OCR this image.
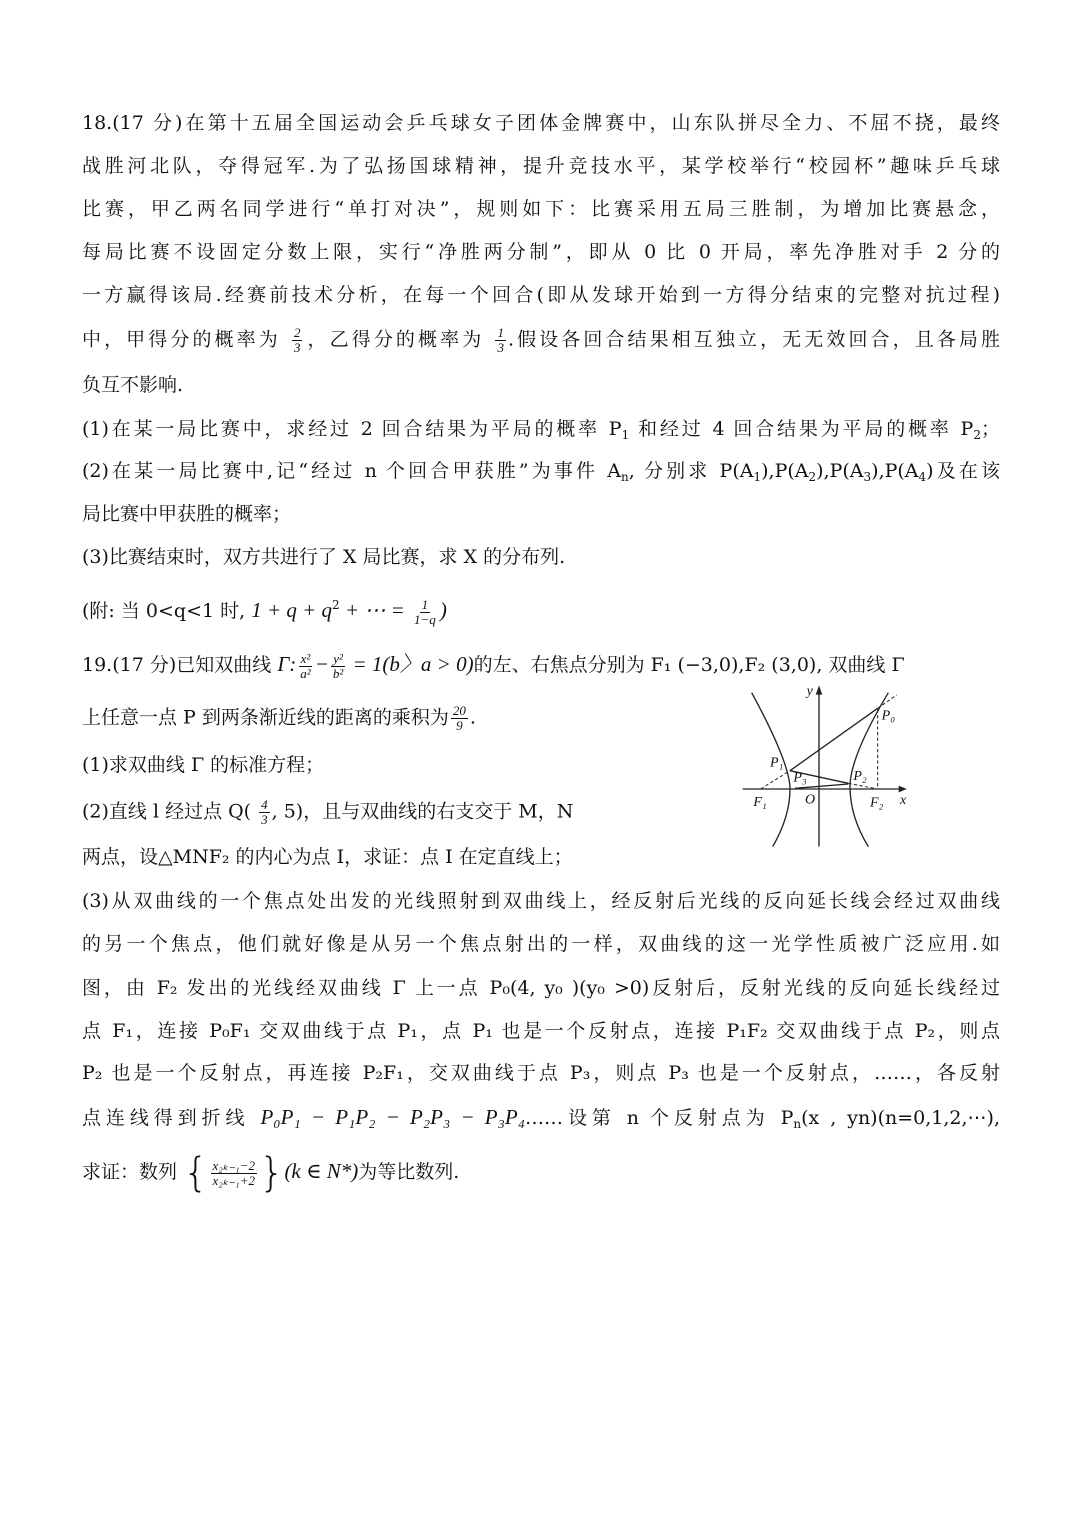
18.(17 分)在第十五届全国运动会乒乓球女子团体金牌赛中，山东队拼尽全力、不屈不挠，最终
战胜河北队，夺得冠军.为了弘扬国球精神，提升竞技水平，某学校举行“校园杯”趣味乒乓球
比赛，甲乙两名同学进行“单打对决”，规则如下：比赛采用五局三胜制，为增加比赛悬念，
每局比赛不设固定分数上限，实行“净胜两分制”，即从 0 比 0 开局，率先净胜对手 2 分的
一方赢得该局.经赛前技术分析，在每一个回合(即从发球开始到一方得分结束的完整对抗过程)
中，甲得分的概率为 $\frac{2}{3}$ ，乙得分的概率为 $\frac{1}{3}$ .假设各回合结果相互独立，无无效回合，且各局胜
负互不影响.
(1)在某一局比赛中，求经过 2 回合结果为平局的概率 $P_1$ 和经过 4 回合结果为平局的概率 $P_2$；
(2)在某一局比赛中,记“经过 n 个回合甲获胜”为事件 $A_n$, 分别求 $P(A_1),P(A_2),P(A_3),P(A_4)$及在该
局比赛中甲获胜的概率；
(3)比赛结束时，双方共进行了 X 局比赛，求 X 的分布列.
(附: 当 0<q<1 时, $1 + q + q^2$ + ⋯ = $\frac{1}{1-q}$ )
19.(17 分)已知双曲线 Γ: $\frac{\text{x²}}{\text{a²}} - \frac{\text{y²}}{\text{b²}} = 1(b$〉a > 0)的左、右焦点分别为 F₁ (−3,0),F₂ (3,0), 双曲线 Γ
上任意一点 P 到两条渐近线的距离的乘积为 $\frac{20}{9}$ .
(1)求双曲线 Γ 的标准方程；
(2)直线 l 经过点 $Q( \frac{4}{3}$ , 5)，且与双曲线的右支交于 M，N
两点，设△MNF₂ 的内心为点 I，求证：点 I 在定直线上；
(3)从双曲线的一个焦点处出发的光线照射到双曲线上，经反射后光线的反向延长线会经过双曲线
的另一个焦点，他们就好像是从另一个焦点射出的一样，双曲线的这一光学性质被广泛应用.如
图，由 F₂ 发出的光线经双曲线 Γ 上一点 P₀(4, y₀ )(y₀ >0)反射后，反射光线的反向延长线经过
点 F₁，连接 P₀F₁ 交双曲线于点 P₁，点 P₁ 也是一个反射点，连接 P₁F₂ 交双曲线于点 P₂，则点
P₂ 也是一个反射点，再连接 P₂F₁，交双曲线于点 P₃，则点 P₃ 也是一个反射点，……，各反射
点连线得到折线 P₀P₁ − P₁P₂ − P₂P₃ − P₃P₄……设第 n 个反射点为 $P_n(x$ , yn)(n=0,1,2,⋯),
求证：数列 { $\frac{\text{x₂ₖ₋₁−2}}{\text{x₂ₖ₋₁+2}} \}(k$ ∈ N*)为等比数列.
y
x
O
F₁ F₂
P₀
P₁
P₂
P₃
